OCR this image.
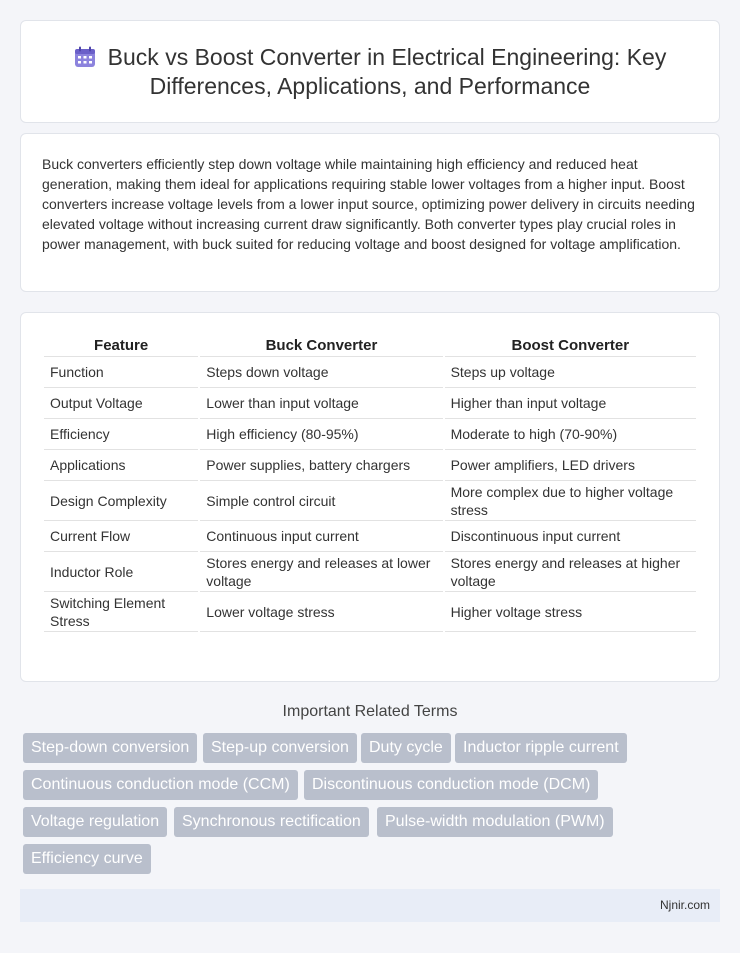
Buck vs Boost Converter in Electrical Engineering: Key Differences, Applications, and Performance

Buck converters efficiently step down voltage while maintaining high efficiency and reduced heat generation, making them ideal for applications requiring stable lower voltages from a higher input. Boost converters increase voltage levels from a lower input source, optimizing power delivery in circuits needing elevated voltage without increasing current draw significantly. Both converter types play crucial roles in power management, with buck suited for reducing voltage and boost designed for voltage amplification.

Feature	Buck Converter	Boost Converter
Function	Steps down voltage	Steps up voltage
Output Voltage	Lower than input voltage	Higher than input voltage
Efficiency	High efficiency (80-95%)	Moderate to high (70-90%)
Applications	Power supplies, battery chargers	Power amplifiers, LED drivers
Design Complexity	Simple control circuit	More complex due to higher voltage stress
Current Flow	Continuous input current	Discontinuous input current
Inductor Role	Stores energy and releases at lower voltage	Stores energy and releases at higher voltage
Switching Element Stress	Lower voltage stress	Higher voltage stress
Important Related Terms
Step-down conversion	Step-up conversion	Duty cycle	Inductor ripple current
Continuous conduction mode (CCM)	Discontinuous conduction mode (DCM)
Voltage regulation	Synchronous rectification	Pulse-width modulation (PWM)
Efficiency curve
Njnir.com
